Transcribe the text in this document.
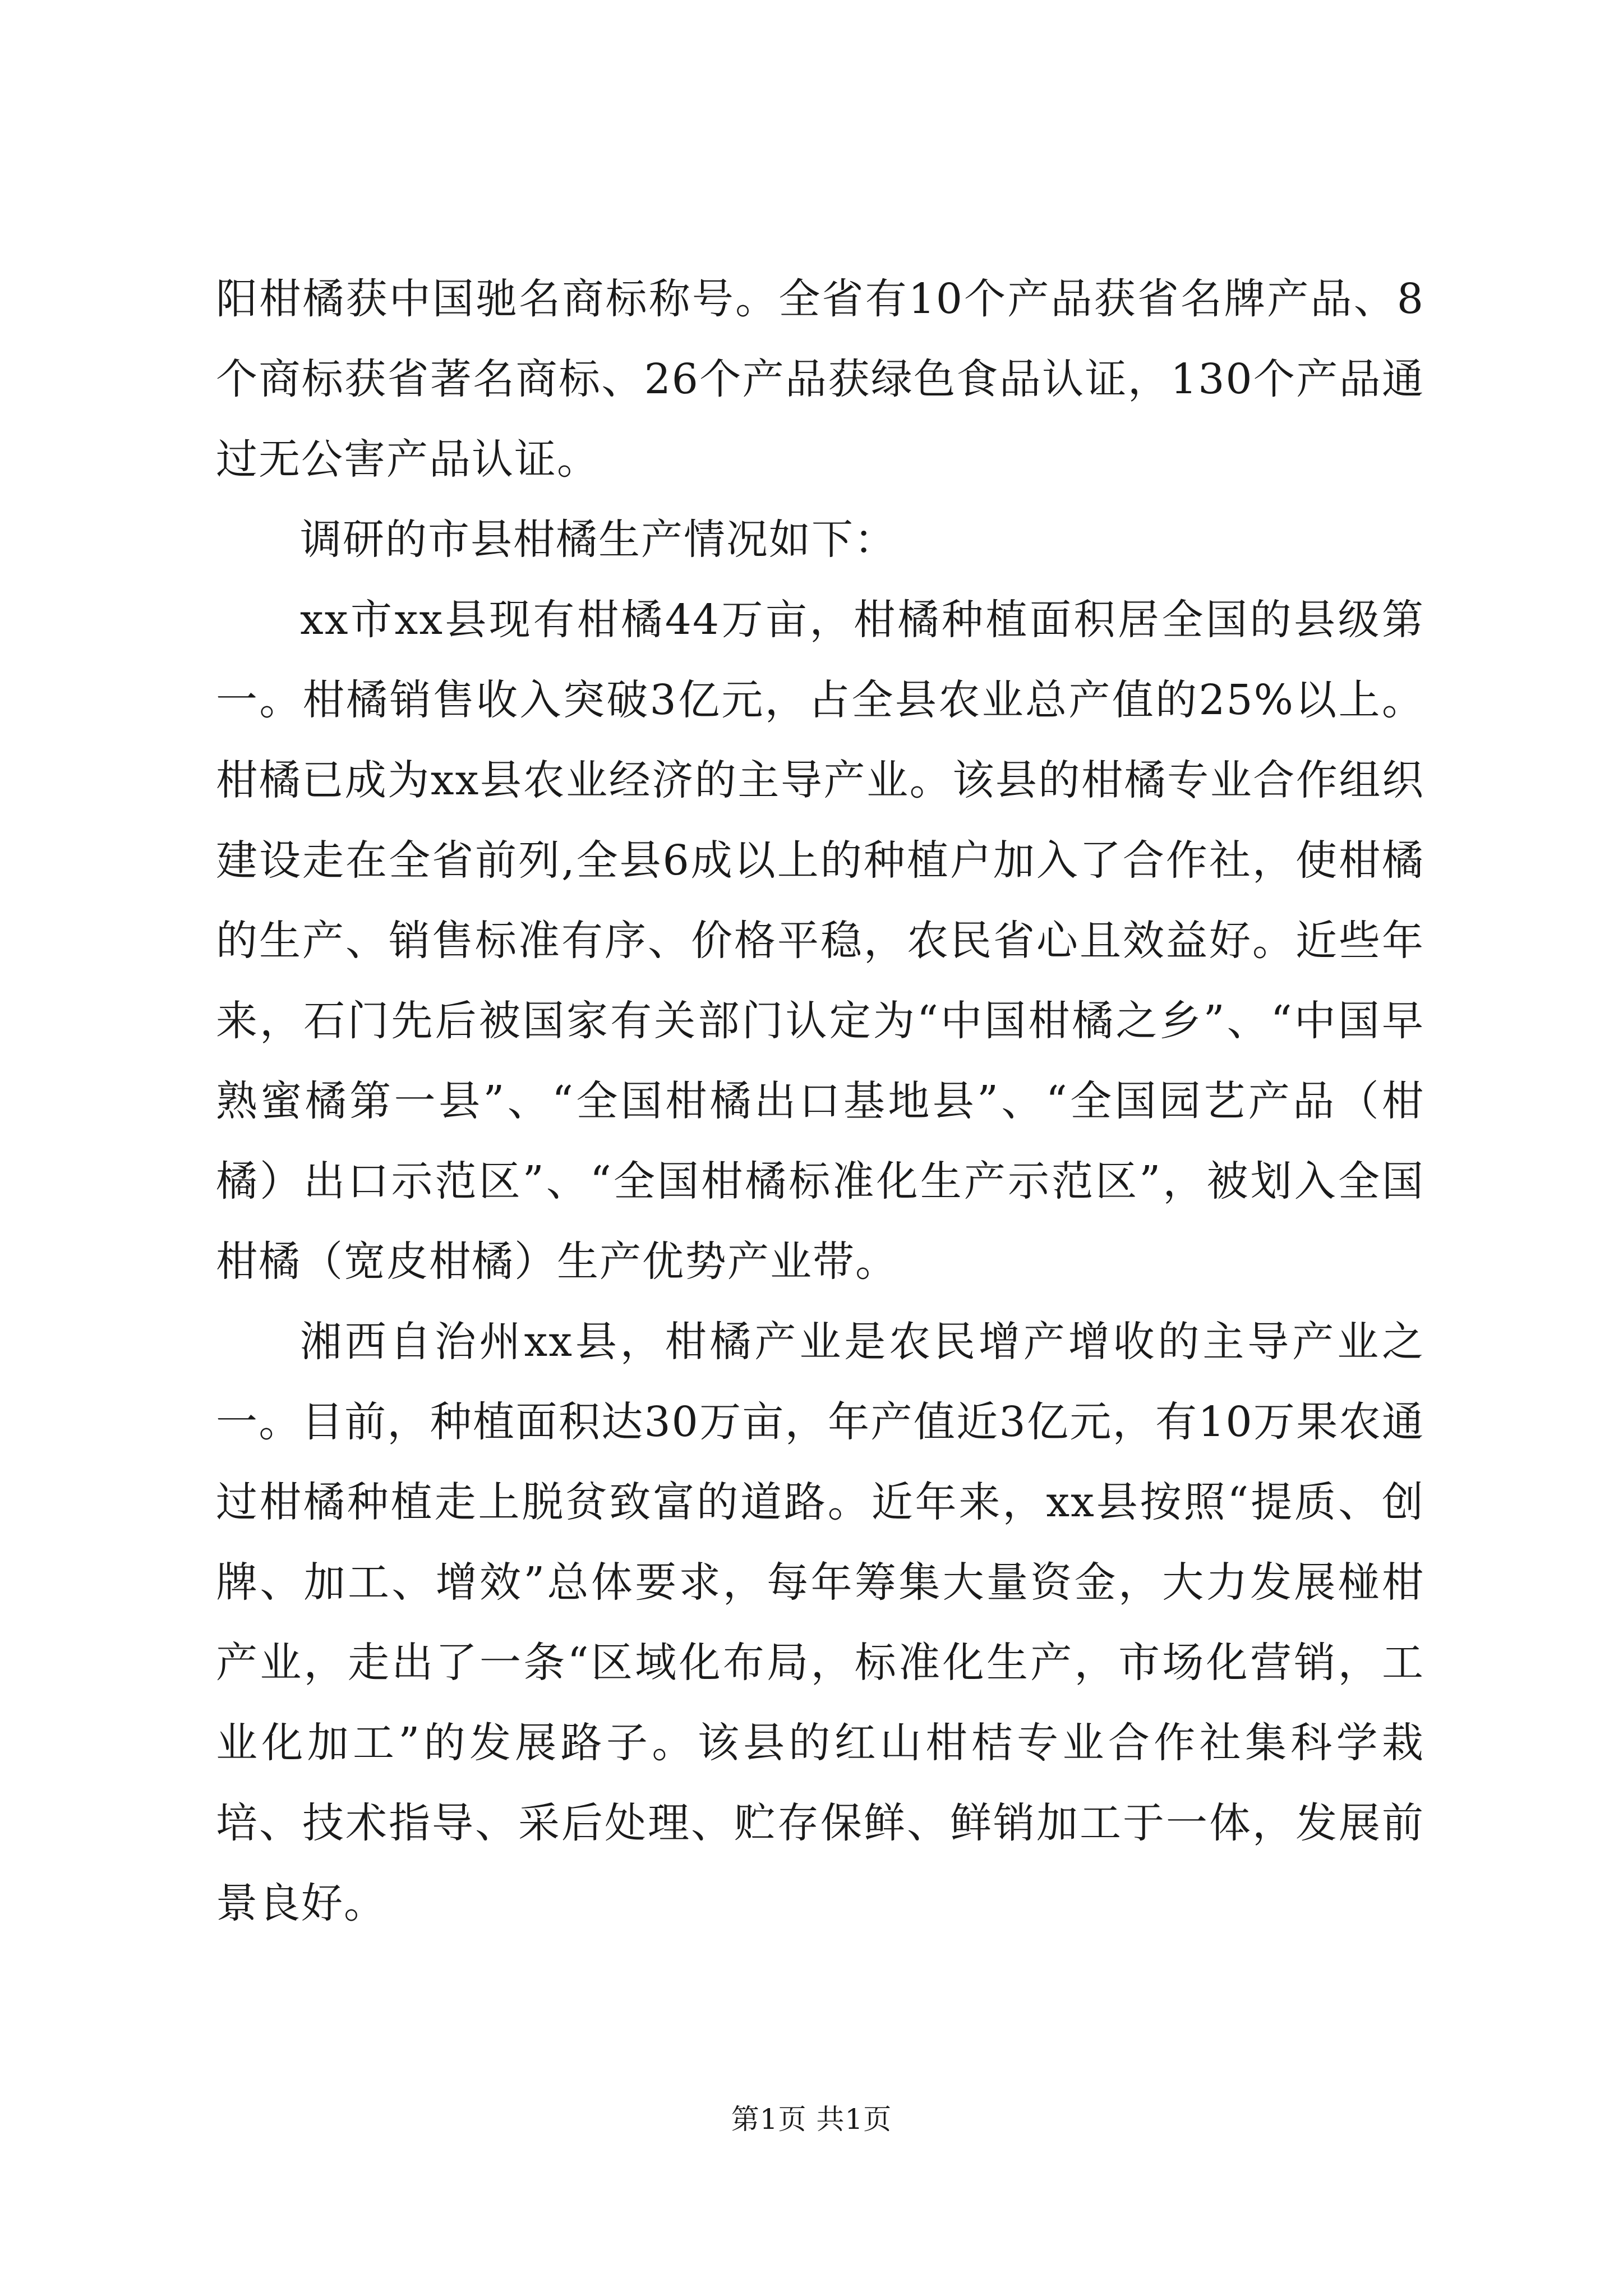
阳柑橘获中国驰名商标称号。全省有10个产品获省名牌产品、8个商标获省著名商标、26个产品获绿色食品认证，130个产品通过无公害产品认证。

调研的市县柑橘生产情况如下：

xx市xx县现有柑橘44万亩，柑橘种植面积居全国的县级第一。柑橘销售收入突破3亿元，占全县农业总产值的25%以上。柑橘已成为xx县农业经济的主导产业。该县的柑橘专业合作组织建设走在全省前列,全县6成以上的种植户加入了合作社，使柑橘的生产、销售标准有序、价格平稳，农民省心且效益好。近些年来，石门先后被国家有关部门认定为“中国柑橘之乡”、“中国早熟蜜橘第一县”、“全国柑橘出口基地县”、“全国园艺产品（柑橘）出口示范区”、“全国柑橘标准化生产示范区”，被划入全国柑橘（宽皮柑橘）生产优势产业带。

湘西自治州xx县，柑橘产业是农民增产增收的主导产业之一。目前，种植面积达30万亩，年产值近3亿元，有10万果农通过柑橘种植走上脱贫致富的道路。近年来，xx县按照“提质、创牌、加工、增效”总体要求，每年筹集大量资金，大力发展椪柑产业，走出了一条“区域化布局，标准化生产，市场化营销，工业化加工”的发展路子。该县的红山柑桔专业合作社集科学栽培、技术指导、采后处理、贮存保鲜、鲜销加工于一体，发展前景良好。

第1页 共1页
